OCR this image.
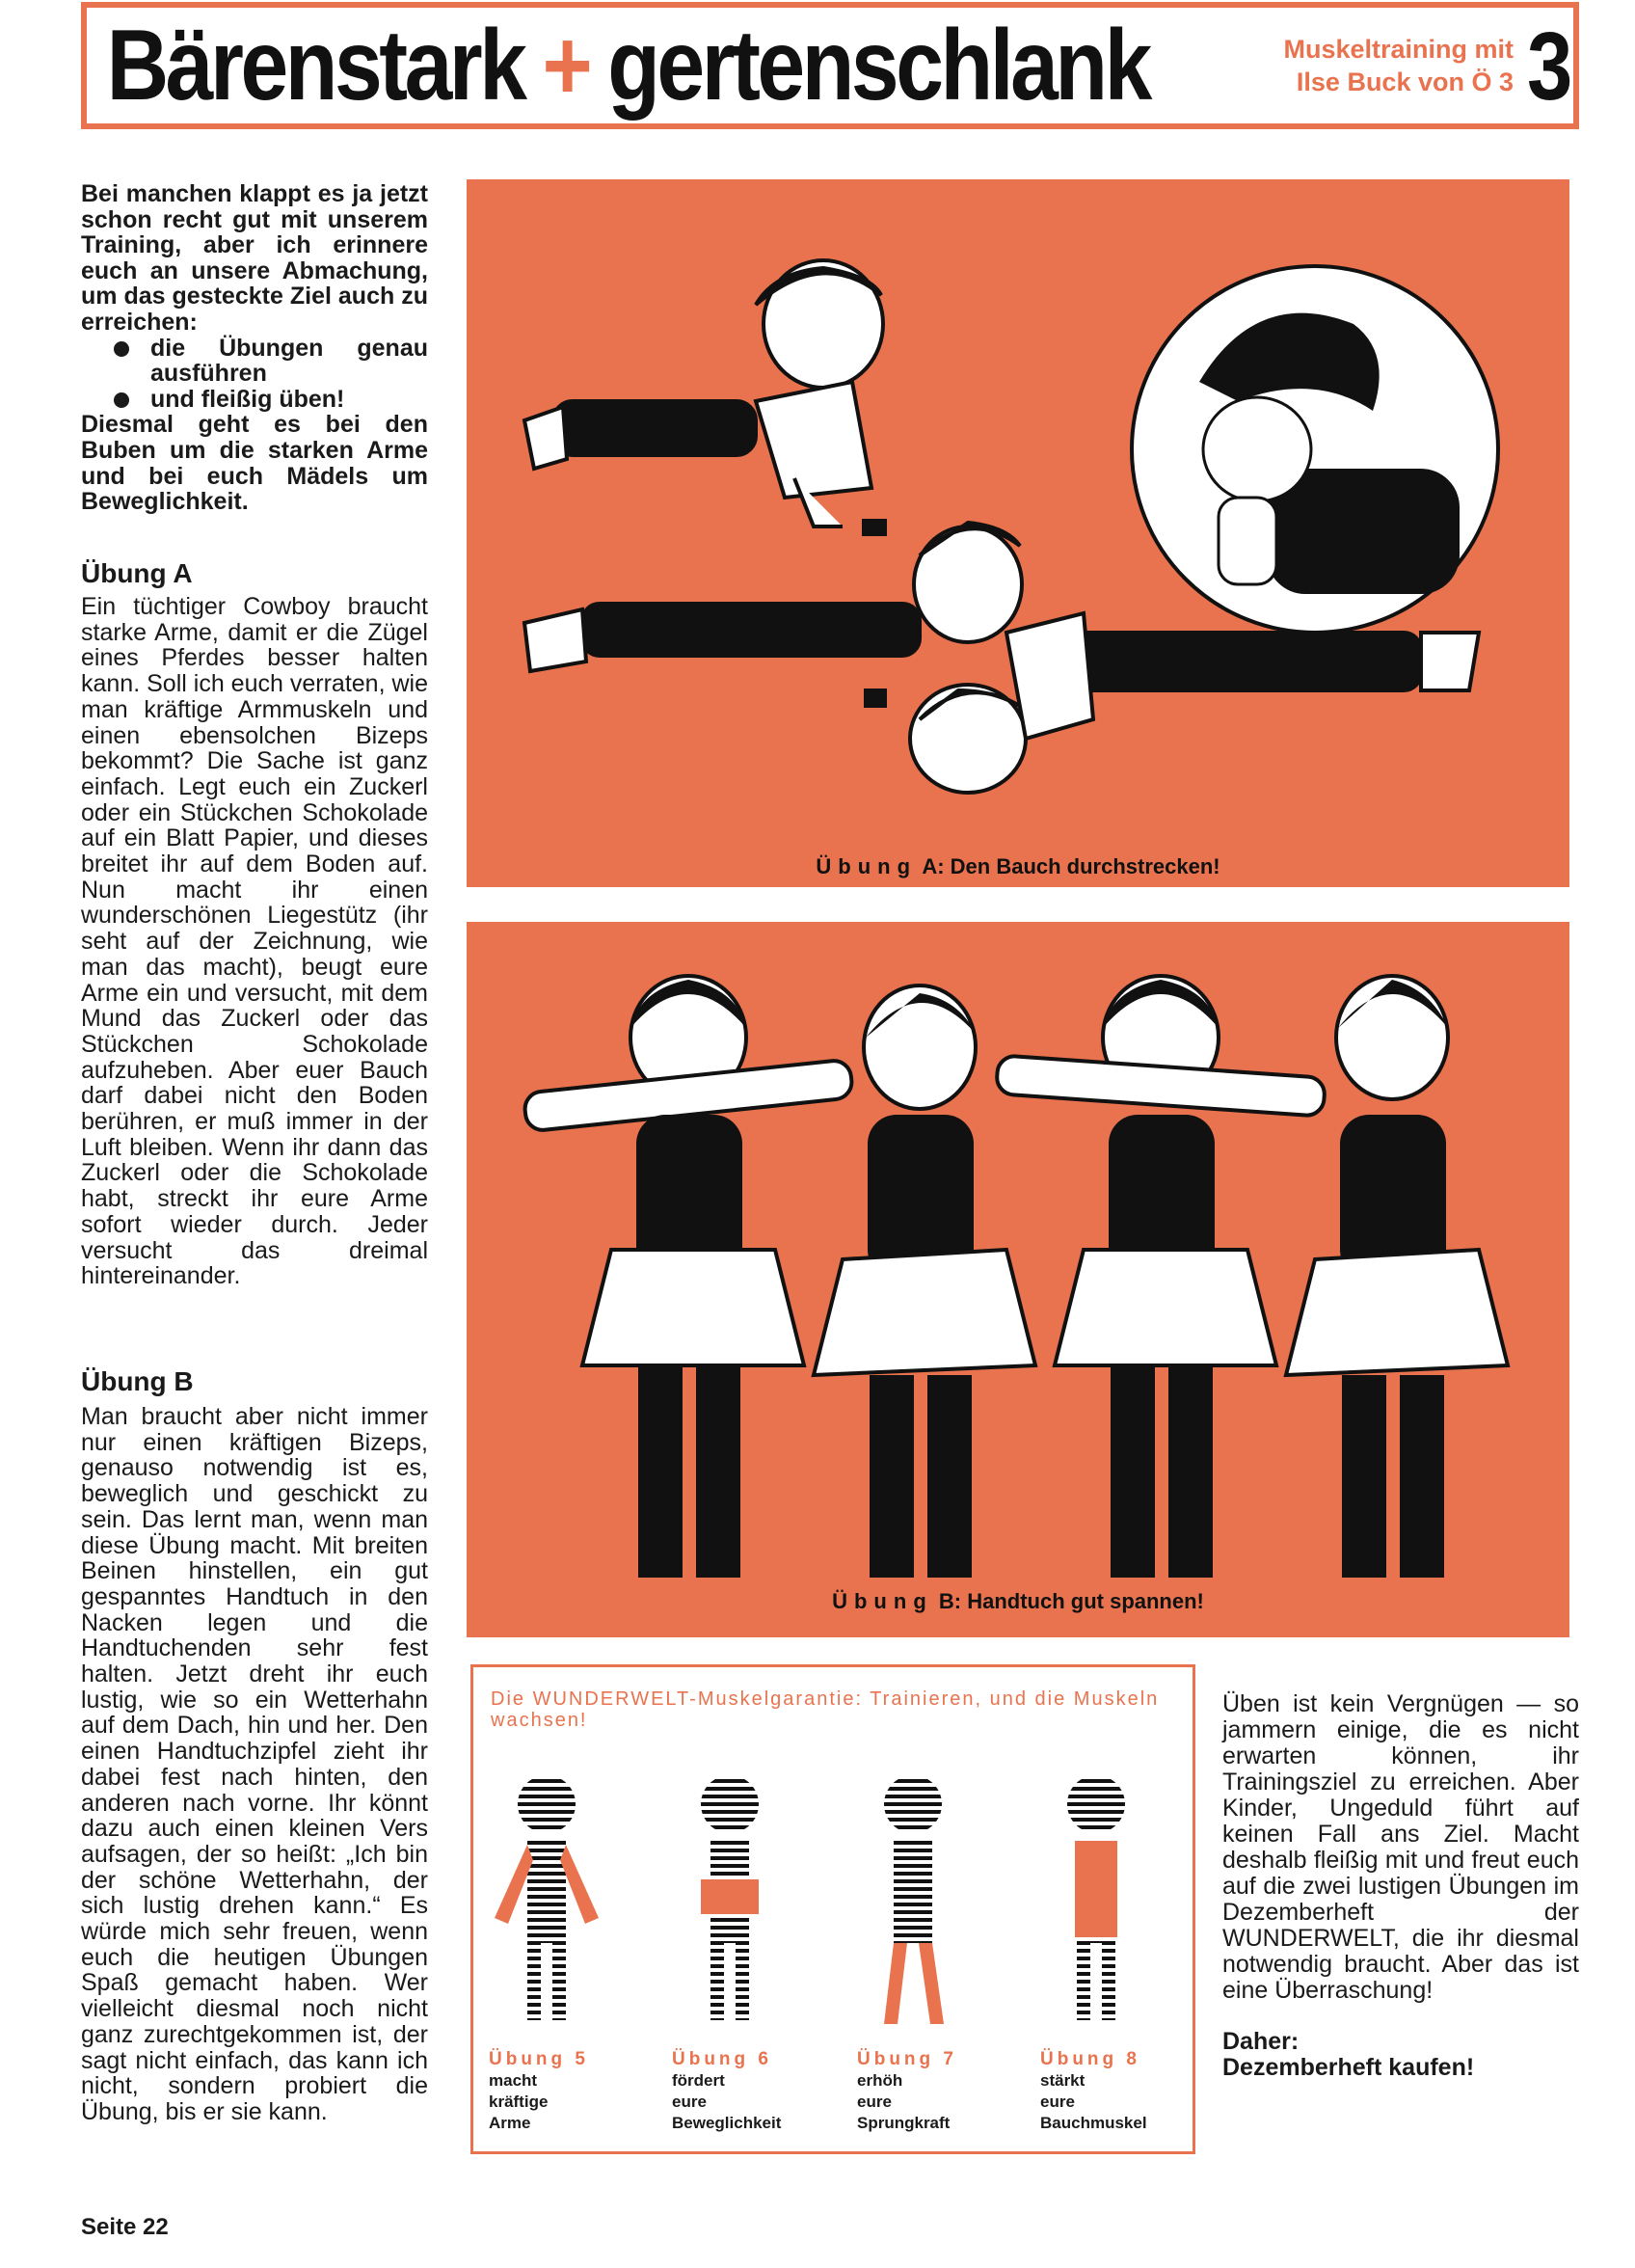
Bärenstark + gertenschlank	Muskeltraining mit
Ilse Buck von Ö 3 3
Bei manchen klappt es ja jetzt schon recht gut mit unserem Training, aber ich erinnere euch an unsere Abmachung, um das gesteckte Ziel auch zu erreichen:
die Übungen genau ausführen
und fleißig üben!
Diesmal geht es bei den Buben um die starken Arme und bei euch Mädels um Beweglichkeit.
Übung A
Ein tüchtiger Cowboy braucht starke Arme, damit er die Zügel eines Pferdes besser halten kann. Soll ich euch verraten, wie man kräftige Armmuskeln und einen ebensolchen Bizeps bekommt? Die Sache ist ganz einfach. Legt euch ein Zuckerl oder ein Stückchen Schokolade auf ein Blatt Papier, und dieses breitet ihr auf dem Boden auf. Nun macht ihr einen wunderschönen Liegestütz (ihr seht auf der Zeichnung, wie man das macht), beugt eure Arme ein und versucht, mit dem Mund das Zuckerl oder das Stückchen Schokolade aufzuheben. Aber euer Bauch darf dabei nicht den Boden berühren, er muß immer in der Luft bleiben. Wenn ihr dann das Zuckerl oder die Schokolade habt, streckt ihr eure Arme sofort wieder durch. Jeder versucht das dreimal hintereinander.
Übung B
Man braucht aber nicht immer nur einen kräftigen Bizeps, genauso notwendig ist es, beweglich und geschickt zu sein. Das lernt man, wenn man diese Übung macht. Mit breiten Beinen hinstellen, ein gut gespanntes Handtuch in den Nacken legen und die Handtuchenden sehr fest halten. Jetzt dreht ihr euch lustig, wie so ein Wetterhahn auf dem Dach, hin und her. Den einen Handtuchzipfel zieht ihr dabei fest nach hinten, den anderen nach vorne. Ihr könnt dazu auch einen kleinen Vers aufsagen, der so heißt: „Ich bin der schöne Wetterhahn, der sich lustig drehen kann.“ Es würde mich sehr freuen, wenn euch die heutigen Übungen Spaß gemacht haben. Wer vielleicht diesmal noch nicht ganz zurechtgekommen ist, der sagt nicht einfach, das kann ich nicht, sondern probiert die Übung, bis er sie kann.
Übung A: Den Bauch durchstrecken!
Übung B: Handtuch gut spannen!
Die WUNDERWELT-Muskelgarantie: Trainieren, und die Muskeln wachsen!
Übung 5
macht
kräftige
Arme
Übung 6
fördert
eure
Beweglichkeit
Übung 7
erhöh
eure
Sprungkraft
Übung 8
stärkt
eure
Bauchmuskel
Üben ist kein Vergnügen — so jammern einige, die es nicht erwarten können, ihr Trainingsziel zu erreichen. Aber Kinder, Ungeduld führt auf keinen Fall ans Ziel. Macht deshalb fleißig mit und freut euch auf die zwei lustigen Übungen im Dezemberheft der WUNDERWELT, die ihr diesmal notwendig braucht. Aber das ist eine Überraschung!
Daher:
Dezemberheft kaufen!
Seite 22
